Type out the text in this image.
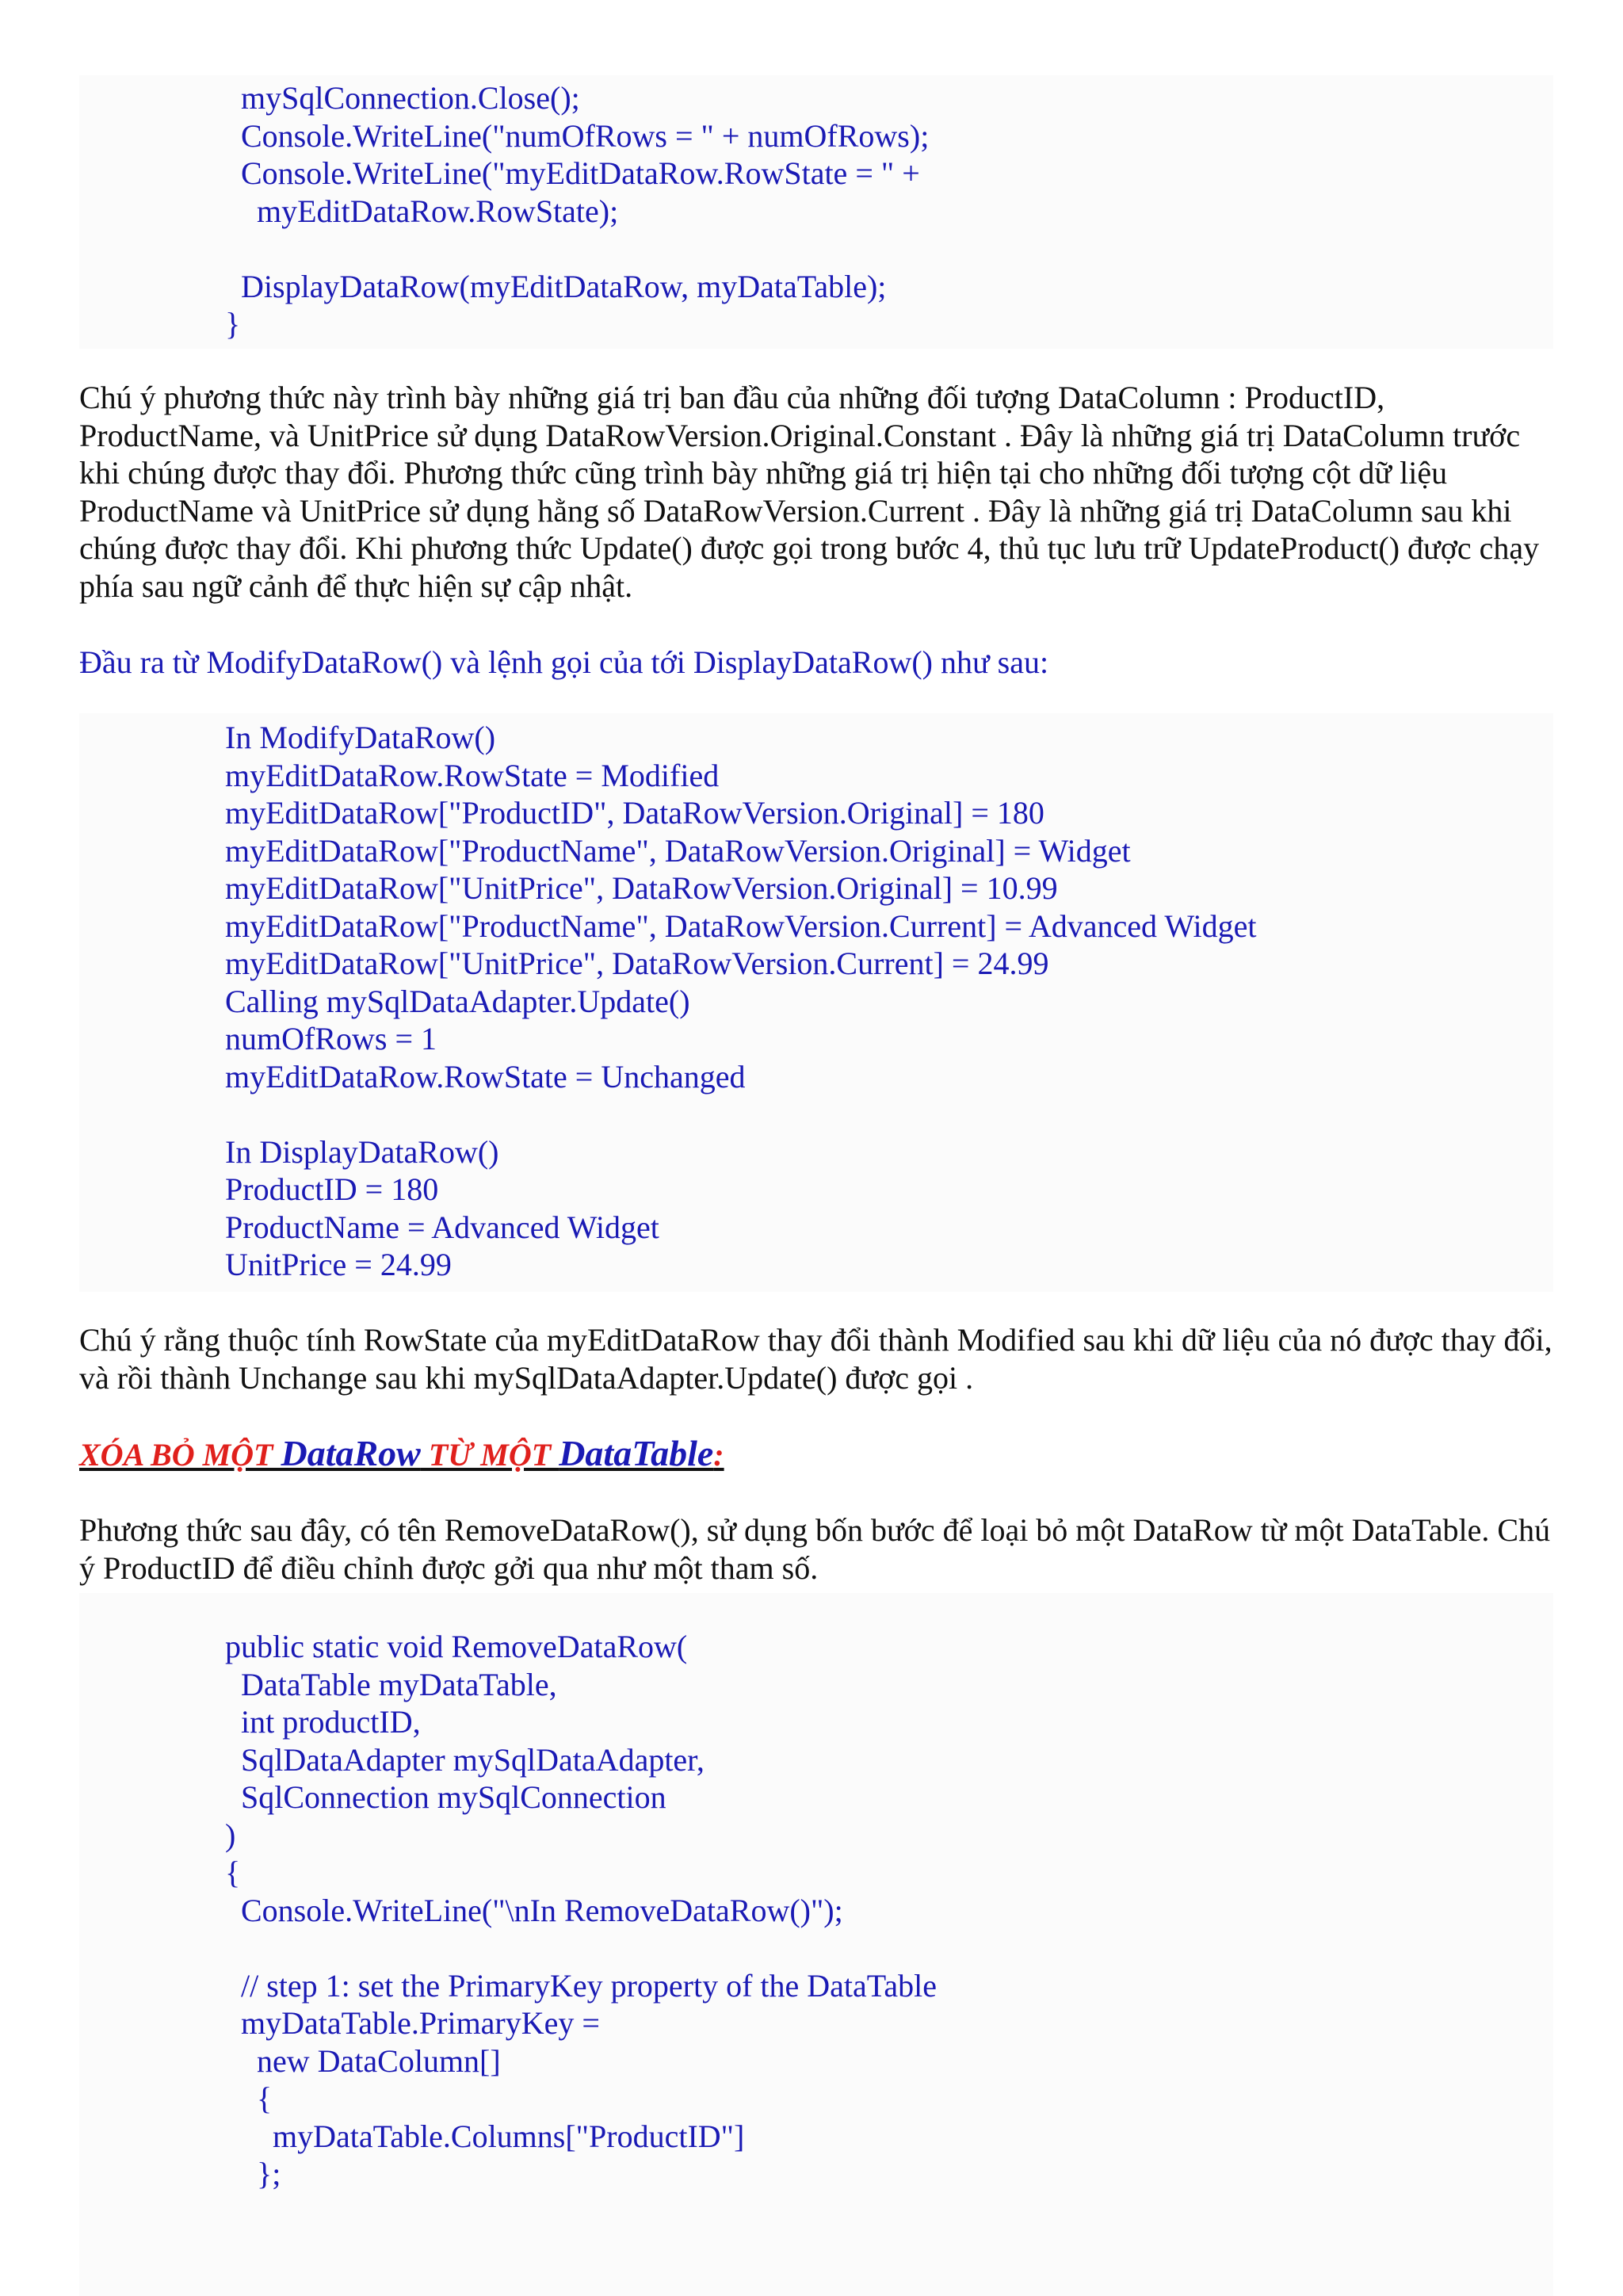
mySqlConnection.Close();
Console.WriteLine("numOfRows = " + numOfRows);
Console.WriteLine("myEditDataRow.RowState = " +
myEditDataRow.RowState);
DisplayDataRow(myEditDataRow, myDataTable);
}

Chú ý phương thức này trình bày những giá trị ban đầu của những đối tượng DataColumn : ProductID, ProductName, và UnitPrice sử dụng DataRowVersion.Original.Constant . Đây là những giá trị DataColumn trước khi chúng được thay đổi. Phương thức cũng trình bày những giá trị hiện tại cho những đối tượng cột dữ liệu ProductName và UnitPrice sử dụng hằng số DataRowVersion.Current . Đây là những giá trị DataColumn sau khi chúng được thay đổi. Khi phương thức Update() được gọi trong bước 4, thủ tục lưu trữ UpdateProduct() được chạy phía sau ngữ cảnh để thực hiện sự cập nhật.

Đầu ra từ ModifyDataRow() và lệnh gọi của tới DisplayDataRow() như sau:

In ModifyDataRow()
myEditDataRow.RowState = Modified
myEditDataRow["ProductID", DataRowVersion.Original] = 180
myEditDataRow["ProductName", DataRowVersion.Original] = Widget
myEditDataRow["UnitPrice", DataRowVersion.Original] = 10.99
myEditDataRow["ProductName", DataRowVersion.Current] = Advanced Widget
myEditDataRow["UnitPrice", DataRowVersion.Current] = 24.99
Calling mySqlDataAdapter.Update()
numOfRows = 1
myEditDataRow.RowState = Unchanged
In DisplayDataRow()
ProductID = 180
ProductName = Advanced Widget
UnitPrice = 24.99

Chú ý rằng thuộc tính RowState của myEditDataRow thay đổi thành Modified sau khi dữ liệu của nó được thay đổi, và rồi thành Unchange sau khi mySqlDataAdapter.Update() được gọi .

XÓA BỎ MỘT DataRow TỪ MỘT DataTable:

Phương thức sau đây, có tên RemoveDataRow(), sử dụng bốn bước để loại bỏ một DataRow từ một DataTable. Chú ý ProductID để điều chỉnh được gởi qua như một tham số.

public static void RemoveDataRow(
DataTable myDataTable,
int productID,
SqlDataAdapter mySqlDataAdapter,
SqlConnection mySqlConnection
)
{
Console.WriteLine("\nIn RemoveDataRow()");
// step 1: set the PrimaryKey property of the DataTable
myDataTable.PrimaryKey =
new DataColumn[]
{
myDataTable.Columns["ProductID"]
};
